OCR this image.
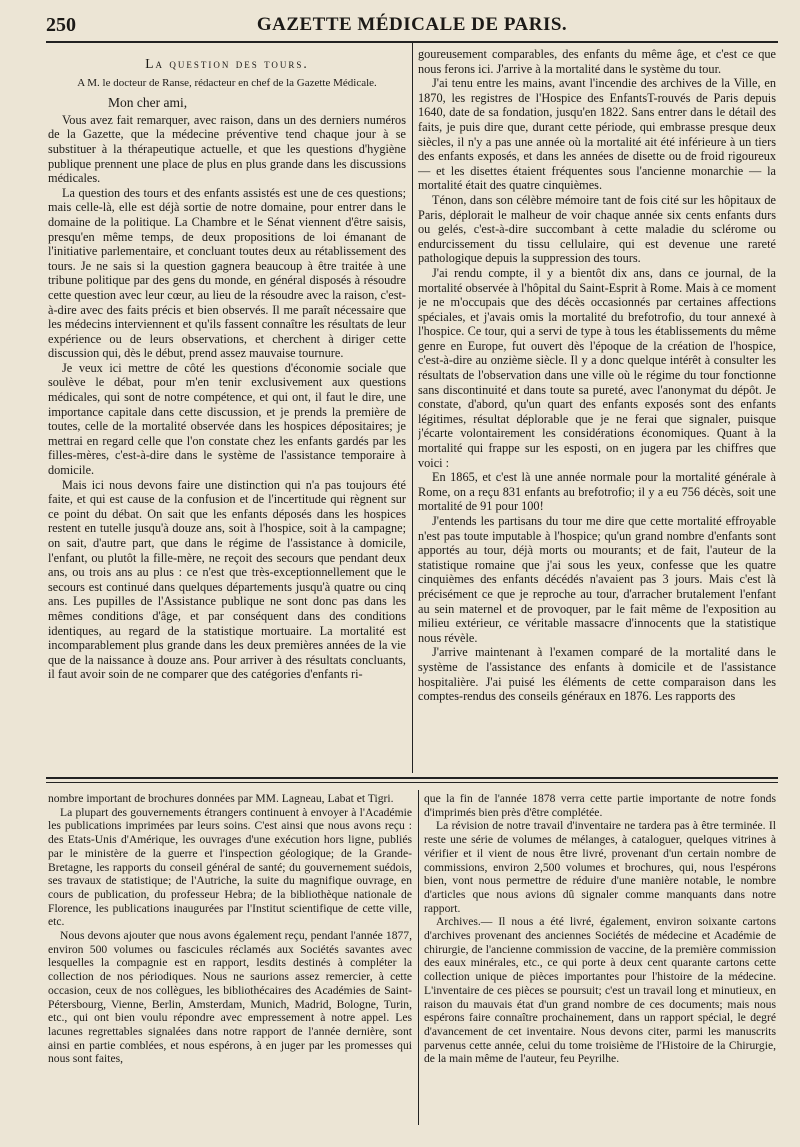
250	GAZETTE MÉDICALE DE PARIS.
La question des tours.
A M. le docteur de Ranse, rédacteur en chef de la Gazette Médicale.

Mon cher ami,

Vous avez fait remarquer, avec raison, dans un des derniers numéros de la Gazette, que la médecine préventive tend chaque jour à se substituer à la thérapeutique actuelle, et que les questions d'hygiène publique prennent une place de plus en plus grande dans les discussions médicales.

La question des tours et des enfants assistés est une de ces questions; mais celle-là, elle est déjà sortie de notre domaine, pour entrer dans le domaine de la politique. La Chambre et le Sénat viennent d'être saisis, presqu'en même temps, de deux propositions de loi émanant de l'initiative parlementaire, et concluant toutes deux au rétablissement des tours. Je ne sais si la question gagnera beaucoup à être traitée à une tribune politique par des gens du monde, en général disposés à résoudre cette question avec leur cœur, au lieu de la résoudre avec la raison, c'est-à-dire avec des faits précis et bien observés. Il me paraît nécessaire que les médecins interviennent et qu'ils fassent connaître les résultats de leur expérience ou de leurs observations, et cherchent à diriger cette discussion qui, dès le début, prend assez mauvaise tournure.

Je veux ici mettre de côté les questions d'économie sociale que soulève le débat, pour m'en tenir exclusivement aux questions médicales, qui sont de notre compétence, et qui ont, il faut le dire, une importance capitale dans cette discussion, et je prends la première de toutes, celle de la mortalité observée dans les hospices dépositaires; je mettrai en regard celle que l'on constate chez les enfants gardés par les filles-mères, c'est-à-dire dans le système de l'assistance temporaire à domicile.

Mais ici nous devons faire une distinction qui n'a pas toujours été faite, et qui est cause de la confusion et de l'incertitude qui règnent sur ce point du débat. On sait que les enfants déposés dans les hospices restent en tutelle jusqu'à douze ans, soit à l'hospice, soit à la campagne; on sait, d'autre part, que dans le régime de l'assistance à domicile, l'enfant, ou plutôt la fille-mère, ne reçoit des secours que pendant deux ans, ou trois ans au plus : ce n'est que très-exceptionnellement que le secours est continué dans quelques départements jusqu'à quatre ou cinq ans. Les pupilles de l'Assistance publique ne sont donc pas dans les mêmes conditions d'âge, et par conséquent dans des conditions identiques, au regard de la statistique mortuaire. La mortalité est incomparablement plus grande dans les deux premières années de la vie que de la naissance à douze ans. Pour arriver à des résultats concluants, il faut avoir soin de ne comparer que des catégories d'enfants ri-

goureusement comparables, des enfants du même âge, et c'est ce que nous ferons ici. J'arrive à la mortalité dans le système du tour.

J'ai tenu entre les mains, avant l'incendie des archives de la Ville, en 1870, les registres de l'Hospice des EnfantsT-rouvés de Paris depuis 1640, date de sa fondation, jusqu'en 1822. Sans entrer dans le détail des faits, je puis dire que, durant cette période, qui embrasse presque deux siècles, il n'y a pas une année où la mortalité ait été inférieure à un tiers des enfants exposés, et dans les années de disette ou de froid rigoureux — et les disettes étaient fréquentes sous l'ancienne monarchie — la mortalité était des quatre cinquièmes.

Ténon, dans son célèbre mémoire tant de fois cité sur les hôpitaux de Paris, déplorait le malheur de voir chaque année six cents enfants durs ou gelés, c'est-à-dire succombant à cette maladie du sclérome ou endurcissement du tissu cellulaire, qui est devenue une rareté pathologique depuis la suppression des tours.

J'ai rendu compte, il y a bientôt dix ans, dans ce journal, de la mortalité observée à l'hôpital du Saint-Esprit à Rome. Mais à ce moment je ne m'occupais que des décès occasionnés par certaines affections spéciales, et j'avais omis la mortalité du brefotrofio, du tour annexé à l'hospice. Ce tour, qui a servi de type à tous les établissements du même genre en Europe, fut ouvert dès l'époque de la création de l'hospice, c'est-à-dire au onzième siècle. Il y a donc quelque intérêt à consulter les résultats de l'observation dans une ville où le régime du tour fonctionne sans discontinuité et dans toute sa pureté, avec l'anonymat du dépôt. Je constate, d'abord, qu'un quart des enfants exposés sont des enfants légitimes, résultat déplorable que je ne ferai que signaler, puisque j'écarte volontairement les considérations économiques. Quant à la mortalité qui frappe sur les esposti, on en jugera par les chiffres que voici :

En 1865, et c'est là une année normale pour la mortalité générale à Rome, on a reçu 831 enfants au brefotrofio; il y a eu 756 décès, soit une mortalité de 91 pour 100!

J'entends les partisans du tour me dire que cette mortalité effroyable n'est pas toute imputable à l'hospice; qu'un grand nombre d'enfants sont apportés au tour, déjà morts ou mourants; et de fait, l'auteur de la statistique romaine que j'ai sous les yeux, confesse que les quatre cinquièmes des enfants décédés n'avaient pas 3 jours. Mais c'est là précisément ce que je reproche au tour, d'arracher brutalement l'enfant au sein maternel et de provoquer, par le fait même de l'exposition au milieu extérieur, ce véritable massacre d'innocents que la statistique nous révèle.

J'arrive maintenant à l'examen comparé de la mortalité dans le système de l'assistance des enfants à domicile et de l'assistance hospitalière. J'ai puisé les éléments de cette comparaison dans les comptes-rendus des conseils généraux en 1876. Les rapports des

nombre important de brochures données par MM. Lagneau, Labat et Tigri.

La plupart des gouvernements étrangers continuent à envoyer à l'Académie les publications imprimées par leurs soins. C'est ainsi que nous avons reçu : des Etats-Unis d'Amérique, les ouvrages d'une exécution hors ligne, publiés par le ministère de la guerre et l'inspection géologique; de la Grande-Bretagne, les rapports du conseil général de santé; du gouvernement suédois, ses travaux de statistique; de l'Autriche, la suite du magnifique ouvrage, en cours de publication, du professeur Hebra; de la bibliothèque nationale de Florence, les publications inaugurées par l'Institut scientifique de cette ville, etc.

Nous devons ajouter que nous avons également reçu, pendant l'année 1877, environ 500 volumes ou fascicules réclamés aux Sociétés savantes avec lesquelles la compagnie est en rapport, lesdits destinés à compléter la collection de nos périodiques. Nous ne saurions assez remercier, à cette occasion, ceux de nos collègues, les bibliothécaires des Académies de Saint-Pétersbourg, Vienne, Berlin, Amsterdam, Munich, Madrid, Bologne, Turin, etc., qui ont bien voulu répondre avec empressement à notre appel. Les lacunes regrettables signalées dans notre rapport de l'année dernière, sont ainsi en partie comblées, et nous espérons, à en juger par les promesses qui nous sont faites,

que la fin de l'année 1878 verra cette partie importante de notre fonds d'imprimés bien près d'être complétée.

La révision de notre travail d'inventaire ne tardera pas à être terminée. Il reste une série de volumes de mélanges, à cataloguer, quelques vitrines à vérifier et il vient de nous être livré, provenant d'un certain nombre de commissions, environ 2,500 volumes et brochures, qui, nous l'espérons bien, vont nous permettre de réduire d'une manière notable, le nombre d'articles que nous avions dû signaler comme manquants dans notre rapport.

Archives.— Il nous a été livré, également, environ soixante cartons d'archives provenant des anciennes Sociétés de médecine et Académie de chirurgie, de l'ancienne commission de vaccine, de la première commission des eaux minérales, etc., ce qui porte à deux cent quarante cartons cette collection unique de pièces importantes pour l'histoire de la médecine. L'inventaire de ces pièces se poursuit; c'est un travail long et minutieux, en raison du mauvais état d'un grand nombre de ces documents; mais nous espérons faire connaître prochainement, dans un rapport spécial, le degré d'avancement de cet inventaire. Nous devons citer, parmi les manuscrits parvenus cette année, celui du tome troisième de l'Histoire de la Chirurgie, de la main même de l'auteur, feu Peyrilhe.
